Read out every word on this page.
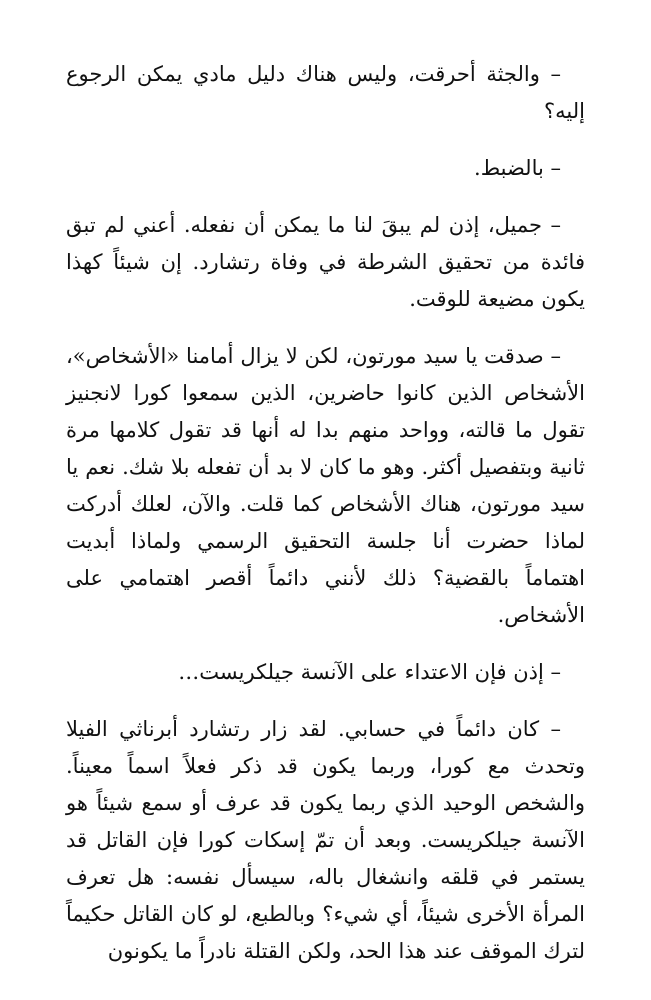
– والجثة أحرقت، وليس هناك دليل مادي يمكن الرجوع إليه؟

– بالضبط.

– جميل، إذن لم يبقَ لنا ما يمكن أن نفعله. أعني لم تبق فائدة من تحقيق الشرطة في وفاة رتشارد. إن شيئاً كهذا يكون مضيعة للوقت.

– صدقت يا سيد مورتون، لكن لا يزال أمامنا «الأشخاص»، الأشخاص الذين كانوا حاضرين، الذين سمعوا كورا لانجنيز تقول ما قالته، وواحد منهم بدا له أنها قد تقول كلامها مرة ثانية وبتفصيل أكثر. وهو ما كان لا بد أن تفعله بلا شك. نعم يا سيد مورتون، هناك الأشخاص كما قلت. والآن، لعلك أدركت لماذا حضرت أنا جلسة التحقيق الرسمي ولماذا أبديت اهتماماً بالقضية؟ ذلك لأنني دائماً أقصر اهتمامي على الأشخاص.

– إذن فإن الاعتداء على الآنسة جيلكريست…

– كان دائماً في حسابي. لقد زار رتشارد أبرناثي الفيلا وتحدث مع كورا، وربما يكون قد ذكر فعلاً اسماً معيناً. والشخص الوحيد الذي ربما يكون قد عرف أو سمع شيئاً هو الآنسة جيلكريست. وبعد أن تمّ إسكات كورا فإن القاتل قد يستمر في قلقه وانشغال باله، سيسأل نفسه: هل تعرف المرأة الأخرى شيئاً، أي شيء؟ وبالطبع، لو كان القاتل حكيماً لترك الموقف عند هذا الحد، ولكن القتلة نادراً ما يكونون
